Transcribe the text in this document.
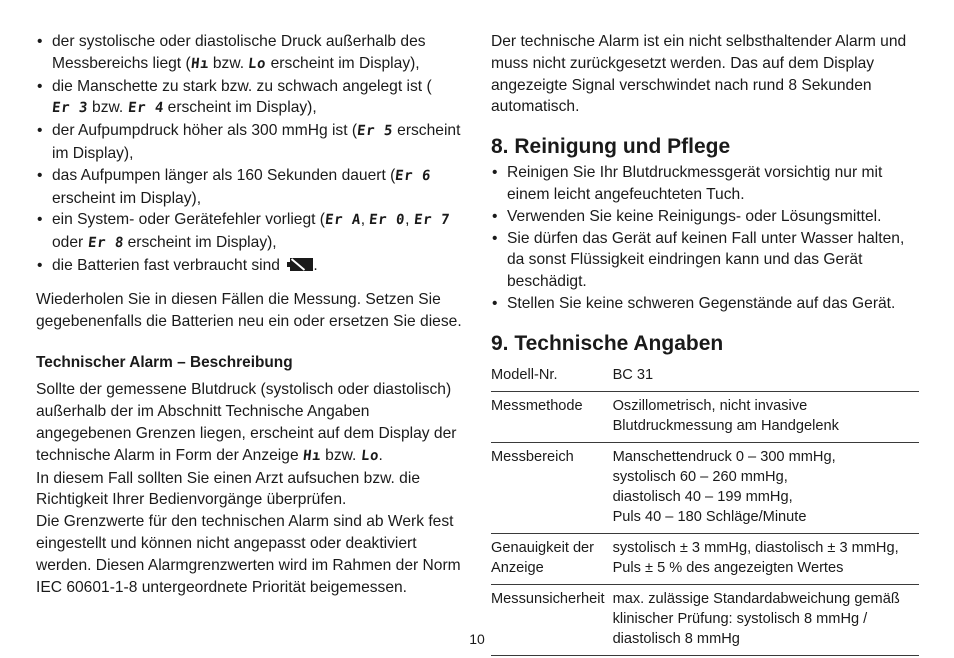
• der systolische oder diastolische Druck außerhalb des Messbereichs liegt (Hı bzw. Lo erscheint im Display),
• die Manschette zu stark bzw. zu schwach angelegt ist (Er 3 bzw. Er 4 erscheint im Display),
• der Aufpumpdruck höher als 300 mmHg ist (Er 5 erscheint im Display),
• das Aufpumpen länger als 160 Sekunden dauert (Er 6 erscheint im Display),
• ein System- oder Gerätefehler vorliegt (Er A, Er 0, Er 7 oder Er 8 erscheint im Display),
• die Batterien fast verbraucht sind
.

Wiederholen Sie in diesen Fällen die Messung. Setzen Sie gegebenenfalls die Batterien neu ein oder ersetzen Sie diese.

Technischer Alarm – Beschreibung

Sollte der gemessene Blutdruck (systolisch oder diastolisch) außerhalb der im Abschnitt Technische Angaben angegebenen Grenzen liegen, erscheint auf dem Display der technische Alarm in Form der Anzeige Hı bzw. Lo.

In diesem Fall sollten Sie einen Arzt aufsuchen bzw. die Richtigkeit Ihrer Bedienvorgänge überprüfen.

Die Grenzwerte für den technischen Alarm sind ab Werk fest eingestellt und können nicht angepasst oder deaktiviert werden. Diesen Alarmgrenzwerten wird im Rahmen der Norm IEC 60601-1-8 untergeordnete Priorität beigemessen.

Der technische Alarm ist ein nicht selbsthaltender Alarm und muss nicht zurückgesetzt werden. Das auf dem Display angezeigte Signal verschwindet nach rund 8 Sekunden automatisch.

8. Reinigung und Pflege
• Reinigen Sie Ihr Blutdruckmessgerät vorsichtig nur mit einem leicht angefeuchteten Tuch.
• Verwenden Sie keine Reinigungs- oder Lösungsmittel.
• Sie dürfen das Gerät auf keinen Fall unter Wasser halten, da sonst Flüssigkeit eindringen kann und das Gerät beschädigt.
• Stellen Sie keine schweren Gegenstände auf das Gerät.
9. Technische Angaben
Modell-Nr.	BC 31
Messmethode	Oszillometrisch, nicht invasive Blutdruckmessung am Handgelenk
Messbereich	Manschettendruck 0 – 300 mmHg,
systolisch 60 – 260 mmHg,
diastolisch 40 – 199 mmHg,
Puls 40 – 180 Schläge/Minute
Genauigkeit der Anzeige	systolisch ± 3 mmHg, diastolisch ± 3 mmHg,
Puls ± 5 % des angezeigten Wertes
Messunsicherheit	max. zulässige Standardabweichung gemäß klinischer Prüfung: systolisch 8 mmHg / diastolisch 8 mmHg
10
